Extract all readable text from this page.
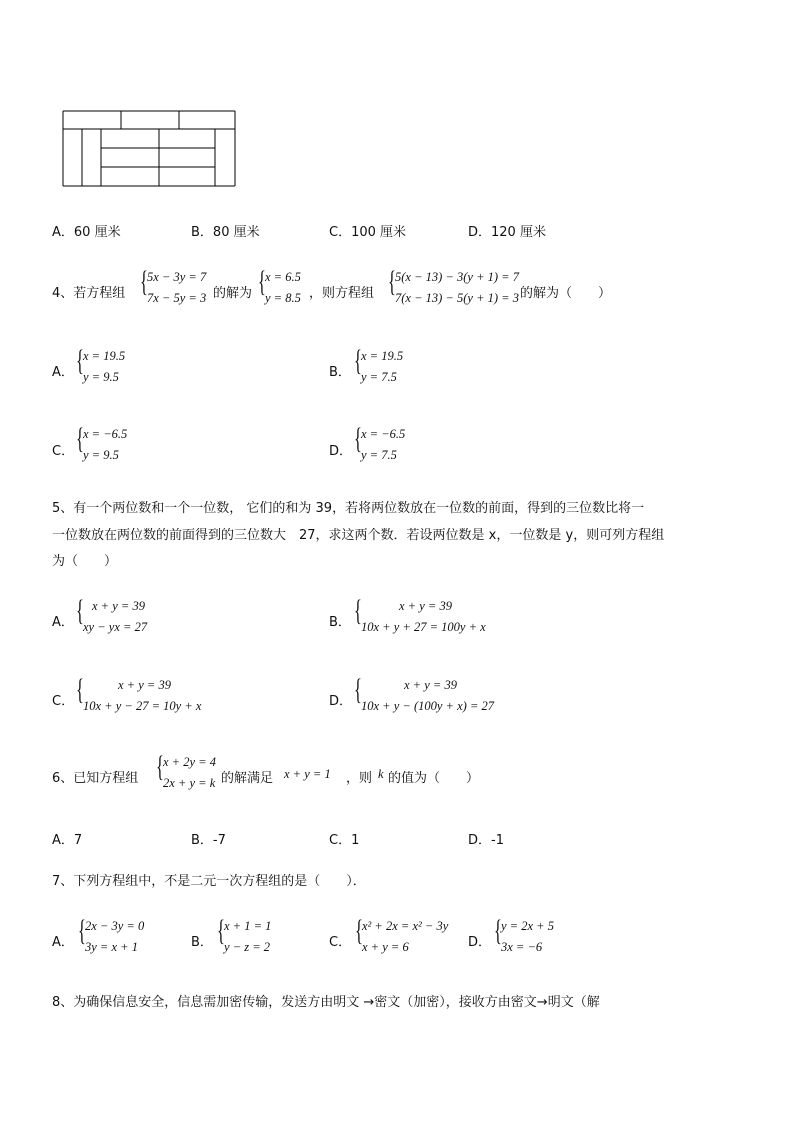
A．60 厘米	B．80 厘米	C．100 厘米	D．120 厘米
4、若方程组 { 5x − 3y = 7
7x − 5y = 3 的解为 { x = 6.5
y = 8.5 ，则方程组 { 5(x − 13) − 3(y + 1) = 7
7(x − 13) − 5(y + 1) = 3 的解为（　　）
A． { x = 19.5
y = 9.5	B． { x = 19.5
y = 7.5
C． { x = −6.5
y = 9.5	D． { x = −6.5
y = 7.5
5、有一个两位数和一个一位数， 它们的和为 39，若将两位数放在一位数的前面，得到的三位数比将一
一位数放在两位数的前面得到的三位数大　27，求这两个数．若设两位数是 x，一位数是 y，则可列方程组
为（　　）
A． { x + y = 39
xy − yx = 27	B． {	x + y = 39
10x + y + 27 = 100y + x
C． {	x + y = 39
10x + y − 27 = 10y + x	D． {	x + y = 39
10x + y − (100y + x) = 27
6、已知方程组 { x + 2y = 4
2x + y = k 的解满足 x + y = 1 ，则 k 的值为（　　）
A．7	B．-7	C．1	D．-1
7、下列方程组中，不是二元一次方程组的是（　　）．
A． { 2x − 3y = 0
3y = x + 1	B． { x + 1 = 1
y − z = 2	C． { x² + 2x = x² − 3y
x + y = 6	D． { y = 2x + 5
3x = −6
8、为确保信息安全，信息需加密传输，发送方由明文 →密文（加密），接收方由密文→明文（解
